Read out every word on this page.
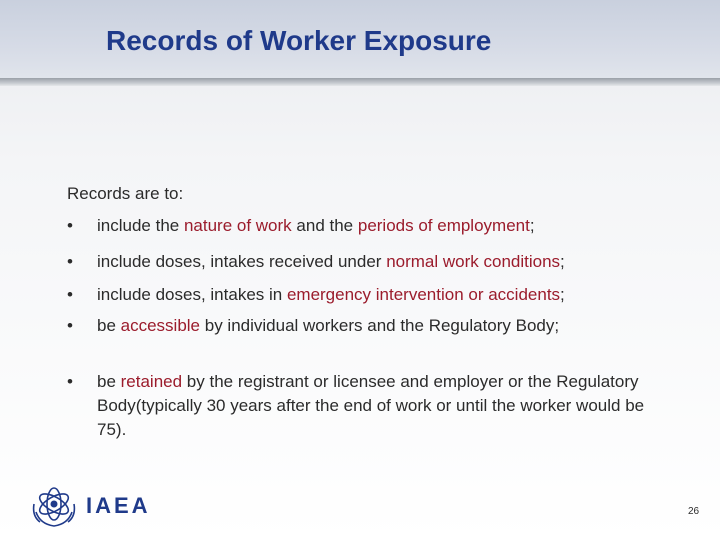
Records of Worker Exposure
Records are to:
•	include the nature of work and the periods of employment;
•	include doses, intakes received under normal work conditions;
•	include doses, intakes in emergency intervention or accidents;
•	be accessible by individual workers and the Regulatory Body;
•	be retained by the registrant or licensee and employer or the Regulatory Body(typically 30 years after the end of work or until the worker would be 75).
IAEA	26
